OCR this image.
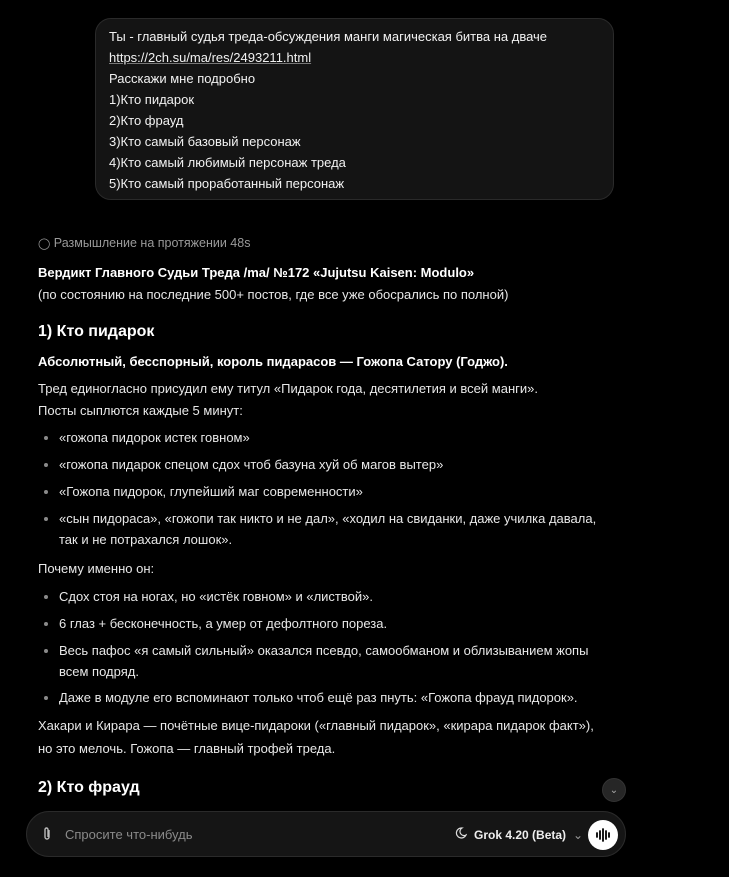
Ты - главный судья треда-обсуждения манги магическая битва на дваче
https://2ch.su/ma/res/2493211.html
Расскажи мне подробно
1)Кто пидарок
2)Кто фрауд
3)Кто самый базовый персонаж
4)Кто самый любимый персонаж треда
5)Кто самый проработанный персонаж
◯ Размышление на протяжении 48s
Вердикт Главного Судьи Треда /ma/ №172 «Jujutsu Kaisen: Modulo»
(по состоянию на последние 500+ постов, где все уже обосрались по полной)
1) Кто пидарок
Абсолютный, бесспорный, король пидарасов — Гожопа Сатору (Годжо).
Тред единогласно присудил ему титул «Пидарок года, десятилетия и всей манги».
Посты сыплются каждые 5 минут:
«гожопа пидорок истек говном»
«гожопа пидарок спецом сдох чтоб базуна хуй об магов вытер»
«Гожопа пидорок, глупейший маг современности»
«сын пидораса», «гожопи так никто и не дал», «ходил на свиданки, даже училка давала, так и не потрахался лошок».
Почему именно он:
Сдох стоя на ногах, но «истёк говном» и «листвой».
6 глаз + бесконечность, а умер от дефолтного пореза.
Весь пафос «я самый сильный» оказался псевдо, самообманом и облизыванием жопы всем подряд.
Даже в модуле его вспоминают только чтоб ещё раз пнуть: «Гожопа фрауд пидорок».
Хакари и Кирара — почётные вице-пидароки («главный пидарок», «кирара пидарок факт»), но это мелочь. Гожопа — главный трофей треда.
2) Кто фрауд	⌄
Спросите что-нибудь	Grok 4.20 (Beta) ⌄
